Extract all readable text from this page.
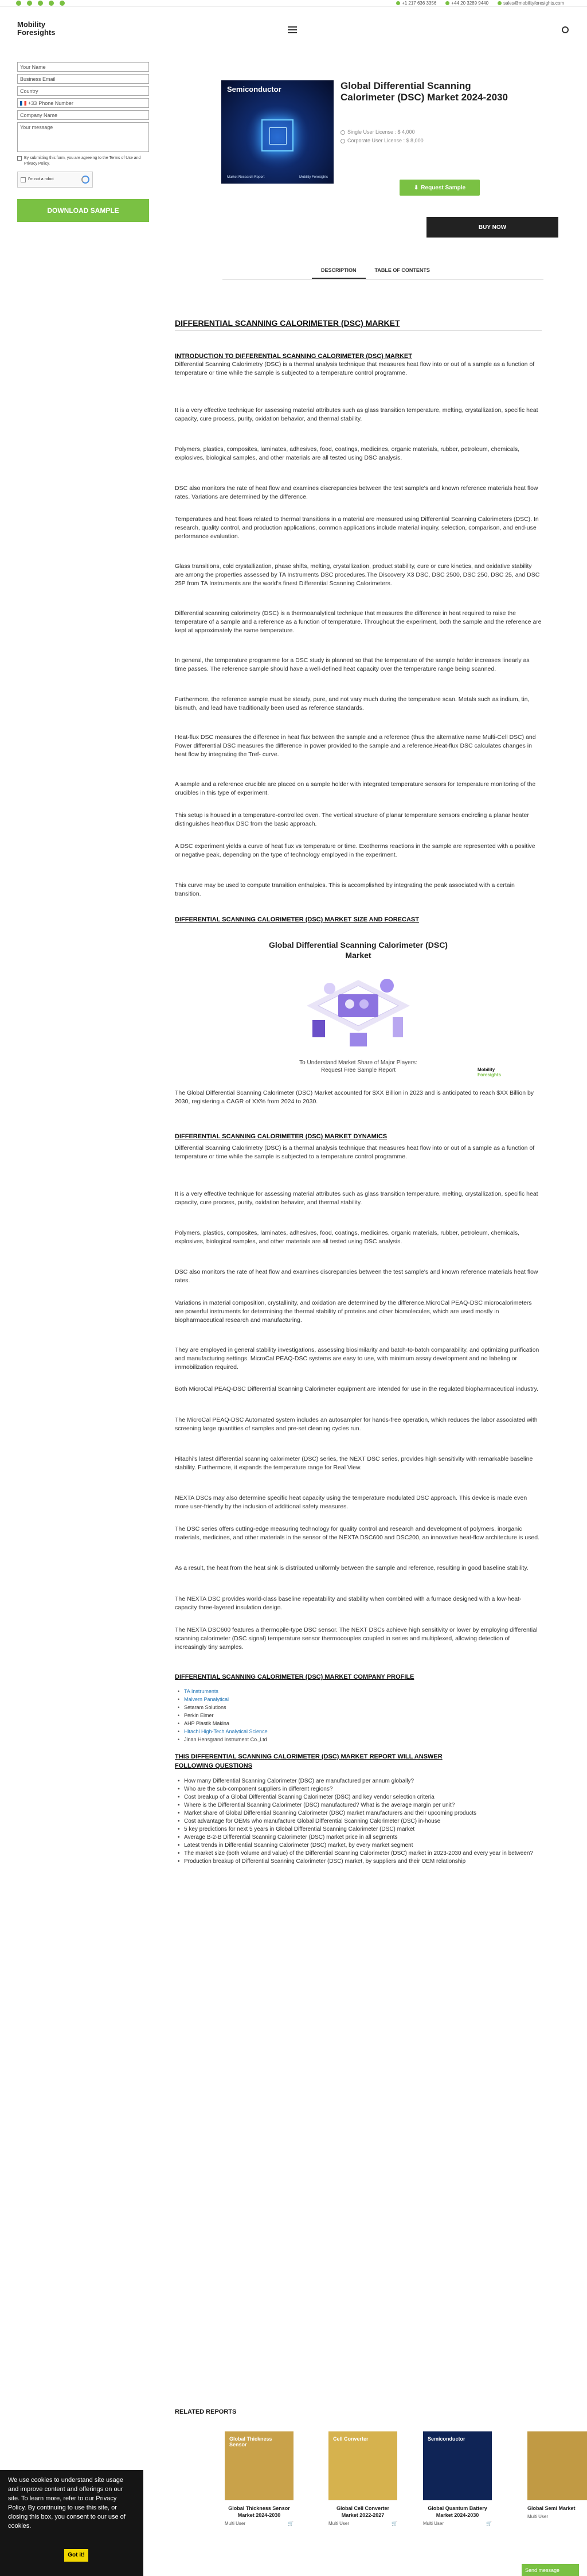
+1 217 636 3356	+44 20 3289 9440	sales@mobilityforesights.com
Mobility
Foresights
Your Name
Business Email
Country
+33 Phone Number
Company Name
Your message
By submitting this form, you are agreeing to the Terms of Use and Privacy Policy.
I'm not a robot
DOWNLOAD SAMPLE
Semiconductor
Market Research Report	Mobility Foresights
Global Differential Scanning Calorimeter (DSC) Market 2024-2030
Single User License : $ 4,000
Corporate User License : $ 8,000
⬇ Request Sample
BUY NOW
DESCRIPTION	TABLE OF CONTENTS
DIFFERENTIAL SCANNING CALORIMETER (DSC) MARKET
INTRODUCTION TO DIFFERENTIAL SCANNING CALORIMETER (DSC) MARKET

Differential Scanning Calorimetry (DSC) is a thermal analysis technique that measures heat flow into or out of a sample as a function of temperature or time while the sample is subjected to a temperature control programme.

It is a very effective technique for assessing material attributes such as glass transition temperature, melting, crystallization, specific heat capacity, cure process, purity, oxidation behavior, and thermal stability.

Polymers, plastics, composites, laminates, adhesives, food, coatings, medicines, organic materials, rubber, petroleum, chemicals, explosives, biological samples, and other materials are all tested using DSC analysis.

DSC also monitors the rate of heat flow and examines discrepancies between the test sample's and known reference materials heat flow rates. Variations are determined by the difference.

Temperatures and heat flows related to thermal transitions in a material are measured using Differential Scanning Calorimeters (DSC). In research, quality control, and production applications, common applications include material inquiry, selection, comparison, and end-use performance evaluation.

Glass transitions, cold crystallization, phase shifts, melting, crystallization, product stability, cure or cure kinetics, and oxidative stability are among the properties assessed by TA Instruments DSC procedures.The Discovery X3 DSC, DSC 2500, DSC 250, DSC 25, and DSC 25P from TA Instruments are the world's finest Differential Scanning Calorimeters.

Differential scanning calorimetry (DSC) is a thermoanalytical technique that measures the difference in heat required to raise the temperature of a sample and a reference as a function of temperature. Throughout the experiment, both the sample and the reference are kept at approximately the same temperature.

In general, the temperature programme for a DSC study is planned so that the temperature of the sample holder increases linearly as time passes. The reference sample should have a well-defined heat capacity over the temperature range being scanned.

Furthermore, the reference sample must be steady, pure, and not vary much during the temperature scan. Metals such as indium, tin, bismuth, and lead have traditionally been used as reference standards.

Heat-flux DSC measures the difference in heat flux between the sample and a reference (thus the alternative name Multi-Cell DSC) and Power differential DSC measures the difference in power provided to the sample and a reference.Heat-flux DSC calculates changes in heat flow by integrating the Tref- curve.

A sample and a reference crucible are placed on a sample holder with integrated temperature sensors for temperature monitoring of the crucibles in this type of experiment.

This setup is housed in a temperature-controlled oven. The vertical structure of planar temperature sensors encircling a planar heater distinguishes heat-flux DSC from the basic approach.

A DSC experiment yields a curve of heat flux vs temperature or time. Exotherms reactions in the sample are represented with a positive or negative peak, depending on the type of technology employed in the experiment.

This curve may be used to compute transition enthalpies. This is accomplished by integrating the peak associated with a certain transition.

DIFFERENTIAL SCANNING CALORIMETER (DSC) MARKET SIZE AND FORECAST
Global Differential Scanning Calorimeter (DSC)
Market
To Understand Market Share of Major Players: Request Free Sample Report	Mobility
Foresights

The Global Differential Scanning Calorimeter (DSC) Market accounted for $XX Billion in 2023 and is anticipated to reach $XX Billion by 2030, registering a CAGR of XX% from 2024 to 2030.

DIFFERENTIAL SCANNING CALORIMETER (DSC) MARKET DYNAMICS

Differential Scanning Calorimetry (DSC) is a thermal analysis technique that measures heat flow into or out of a sample as a function of temperature or time while the sample is subjected to a temperature control programme.

It is a very effective technique for assessing material attributes such as glass transition temperature, melting, crystallization, specific heat capacity, cure process, purity, oxidation behavior, and thermal stability.

Polymers, plastics, composites, laminates, adhesives, food, coatings, medicines, organic materials, rubber, petroleum, chemicals, explosives, biological samples, and other materials are all tested using DSC analysis.

DSC also monitors the rate of heat flow and examines discrepancies between the test sample's and known reference materials heat flow rates.

Variations in material composition, crystallinity, and oxidation are determined by the difference.MicroCal PEAQ-DSC microcalorimeters are powerful instruments for determining the thermal stability of proteins and other biomolecules, which are used mostly in biopharmaceutical research and manufacturing.

They are employed in general stability investigations, assessing biosimilarity and batch-to-batch comparability, and optimizing purification and manufacturing settings. MicroCal PEAQ-DSC systems are easy to use, with minimum assay development and no labeling or immobilization required.

Both MicroCal PEAQ-DSC Differential Scanning Calorimeter equipment are intended for use in the regulated biopharmaceutical industry.

The MicroCal PEAQ-DSC Automated system includes an autosampler for hands-free operation, which reduces the labor associated with screening large quantities of samples and pre-set cleaning cycles run.

Hitachi's latest differential scanning calorimeter (DSC) series, the NEXT DSC series, provides high sensitivity with remarkable baseline stability. Furthermore, it expands the temperature range for Real View.

NEXTA DSCs may also determine specific heat capacity using the temperature modulated DSC approach. This device is made even more user-friendly by the inclusion of additional safety measures.

The DSC series offers cutting-edge measuring technology for quality control and research and development of polymers, inorganic materials, medicines, and other materials in the sensor of the NEXTA DSC600 and DSC200, an innovative heat-flow architecture is used.

As a result, the heat from the heat sink is distributed uniformly between the sample and reference, resulting in good baseline stability.

The NEXTA DSC provides world-class baseline repeatability and stability when combined with a furnace designed with a low-heat-capacity three-layered insulation design.

The NEXTA DSC600 features a thermopile-type DSC sensor. The NEXT DSCs achieve high sensitivity or lower by employing differential scanning calorimeter (DSC signal) temperature sensor thermocouples coupled in series and multiplexed, allowing detection of increasingly tiny samples.

DIFFERENTIAL SCANNING CALORIMETER (DSC) MARKET COMPANY PROFILE
• TA Instruments
• Malvern Panalytical
• Setaram Solutions
• Perkin Elmer
• AHP Plastik Makina
• Hitachi High-Tech Analytical Science
• Jinan Hensgrand Instrument Co.,Ltd
THIS DIFFERENTIAL SCANNING CALORIMETER (DSC) MARKET REPORT WILL ANSWER FOLLOWING QUESTIONS
• How many Differential Scanning Calorimeter (DSC) are manufactured per annum globally?
• Who are the sub-component suppliers in different regions?
• Cost breakup of a Global Differential Scanning Calorimeter (DSC) and key vendor selection criteria
• Where is the Differential Scanning Calorimeter (DSC) manufactured? What is the average margin per unit?
• Market share of Global Differential Scanning Calorimeter (DSC) market manufacturers and their upcoming products
• Cost advantage for OEMs who manufacture Global Differential Scanning Calorimeter (DSC) in-house
• 5 key predictions for next 5 years in Global Differential Scanning Calorimeter (DSC) market
• Average B-2-B Differential Scanning Calorimeter (DSC) market price in all segments
• Latest trends in Differential Scanning Calorimeter (DSC) market, by every market segment
• The market size (both volume and value) of the Differential Scanning Calorimeter (DSC) market in 2023-2030 and every year in between?
• Production breakup of Differential Scanning Calorimeter (DSC) market, by suppliers and their OEM relationship
RELATED REPORTS
Global Thickness Sensor
Global Thickness Sensor Market 2024-2030
Multi User	🛒
Cell Converter
Global Cell Converter Market 2022-2027
Multi User	🛒
Semiconductor
Global Quantum Battery Market 2024-2030
Multi User	🛒
Global Semi Market
Multi User
We use cookies to understand site usage and improve content and offerings on our site. To learn more, refer to our Privacy Policy. By continuing to use this site, or closing this box, you consent to our use of cookies.
Got it!
Send message
